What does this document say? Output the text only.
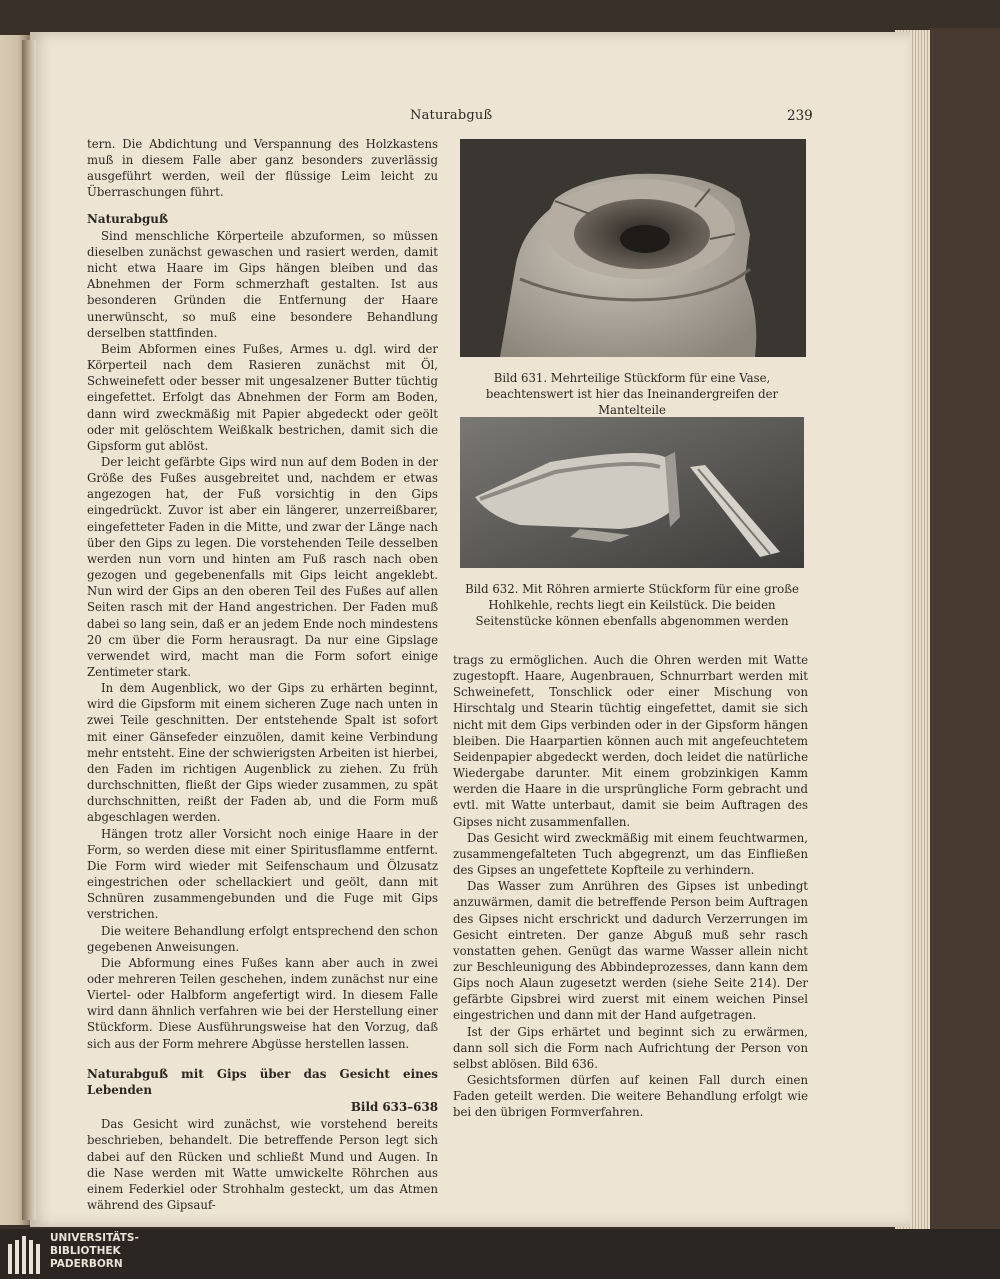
Naturabguß	239

tern. Die Abdichtung und Verspannung des Holzkastens muß in diesem Falle aber ganz besonders zuverlässig ausgeführt werden, weil der flüssige Leim leicht zu Überraschungen führt.

Naturabguß

Sind menschliche Körperteile abzuformen, so müssen dieselben zunächst gewaschen und rasiert werden, damit nicht etwa Haare im Gips hängen bleiben und das Abnehmen der Form schmerzhaft gestalten. Ist aus besonderen Gründen die Entfernung der Haare unerwünscht, so muß eine besondere Behandlung derselben stattfinden.

Beim Abformen eines Fußes, Armes u. dgl. wird der Körperteil nach dem Rasieren zunächst mit Öl, Schweinefett oder besser mit ungesalzener Butter tüchtig eingefettet. Erfolgt das Abnehmen der Form am Boden, dann wird zweckmäßig mit Papier abgedeckt oder geölt oder mit gelöschtem Weißkalk bestrichen, damit sich die Gipsform gut ablöst.

Der leicht gefärbte Gips wird nun auf dem Boden in der Größe des Fußes ausgebreitet und, nachdem er etwas angezogen hat, der Fuß vorsichtig in den Gips eingedrückt. Zuvor ist aber ein längerer, unzerreißbarer, eingefetteter Faden in die Mitte, und zwar der Länge nach über den Gips zu legen. Die vorstehenden Teile desselben werden nun vorn und hinten am Fuß rasch nach oben gezogen und gegebenenfalls mit Gips leicht angeklebt. Nun wird der Gips an den oberen Teil des Fußes auf allen Seiten rasch mit der Hand angestrichen. Der Faden muß dabei so lang sein, daß er an jedem Ende noch mindestens 20 cm über die Form herausragt. Da nur eine Gipslage verwendet wird, macht man die Form sofort einige Zentimeter stark.

In dem Augenblick, wo der Gips zu erhärten beginnt, wird die Gipsform mit einem sicheren Zuge nach unten in zwei Teile geschnitten. Der entstehende Spalt ist sofort mit einer Gänsefeder einzuölen, damit keine Verbindung mehr entsteht. Eine der schwierigsten Arbeiten ist hierbei, den Faden im richtigen Augenblick zu ziehen. Zu früh durchschnitten, fließt der Gips wieder zusammen, zu spät durchschnitten, reißt der Faden ab, und die Form muß abgeschlagen werden.

Hängen trotz aller Vorsicht noch einige Haare in der Form, so werden diese mit einer Spiritusflamme entfernt. Die Form wird wieder mit Seifenschaum und Ölzusatz eingestrichen oder schellackiert und geölt, dann mit Schnüren zusammengebunden und die Fuge mit Gips verstrichen.

Die weitere Behandlung erfolgt entsprechend den schon gegebenen Anweisungen.

Die Abformung eines Fußes kann aber auch in zwei oder mehreren Teilen geschehen, indem zunächst nur eine Viertel- oder Halbform angefertigt wird. In diesem Falle wird dann ähnlich verfahren wie bei der Herstellung einer Stückform. Diese Ausführungsweise hat den Vorzug, daß sich aus der Form mehrere Abgüsse herstellen lassen.

Naturabguß mit Gips über das Gesicht eines Lebenden
Bild 633–638

Das Gesicht wird zunächst, wie vorstehend bereits beschrieben, behandelt. Die betreffende Person legt sich dabei auf den Rücken und schließt Mund und Augen. In die Nase werden mit Watte umwickelte Röhrchen aus einem Federkiel oder Strohhalm gesteckt, um das Atmen während des Gipsauf-

Bild 631. Mehrteilige Stückform für eine Vase, beachtenswert ist hier das Ineinandergreifen der Mantelteile
Bild 632. Mit Röhren armierte Stückform für eine große Hohlkehle, rechts liegt ein Keilstück. Die beiden Seitenstücke können ebenfalls abgenommen werden

trags zu ermöglichen. Auch die Ohren werden mit Watte zugestopft. Haare, Augenbrauen, Schnurrbart werden mit Schweinefett, Tonschlick oder einer Mischung von Hirschtalg und Stearin tüchtig eingefettet, damit sie sich nicht mit dem Gips verbinden oder in der Gipsform hängen bleiben. Die Haarpartien können auch mit angefeuchtetem Seidenpapier abgedeckt werden, doch leidet die natürliche Wiedergabe darunter. Mit einem grobzinkigen Kamm werden die Haare in die ursprüngliche Form gebracht und evtl. mit Watte unterbaut, damit sie beim Auftragen des Gipses nicht zusammenfallen.

Das Gesicht wird zweckmäßig mit einem feuchtwarmen, zusammengefalteten Tuch abgegrenzt, um das Einfließen des Gipses an ungefettete Kopfteile zu verhindern.

Das Wasser zum Anrühren des Gipses ist unbedingt anzuwärmen, damit die betreffende Person beim Auftragen des Gipses nicht erschrickt und dadurch Verzerrungen im Gesicht eintreten. Der ganze Abguß muß sehr rasch vonstatten gehen. Genügt das warme Wasser allein nicht zur Beschleunigung des Abbindeprozesses, dann kann dem Gips noch Alaun zugesetzt werden (siehe Seite 214). Der gefärbte Gipsbrei wird zuerst mit einem weichen Pinsel eingestrichen und dann mit der Hand aufgetragen.

Ist der Gips erhärtet und beginnt sich zu erwärmen, dann soll sich die Form nach Aufrichtung der Person von selbst ablösen. Bild 636.

Gesichtsformen dürfen auf keinen Fall durch einen Faden geteilt werden. Die weitere Behandlung erfolgt wie bei den übrigen Formverfahren.

UNIVERSITÄTS-
BIBLIOTHEK
PADERBORN
